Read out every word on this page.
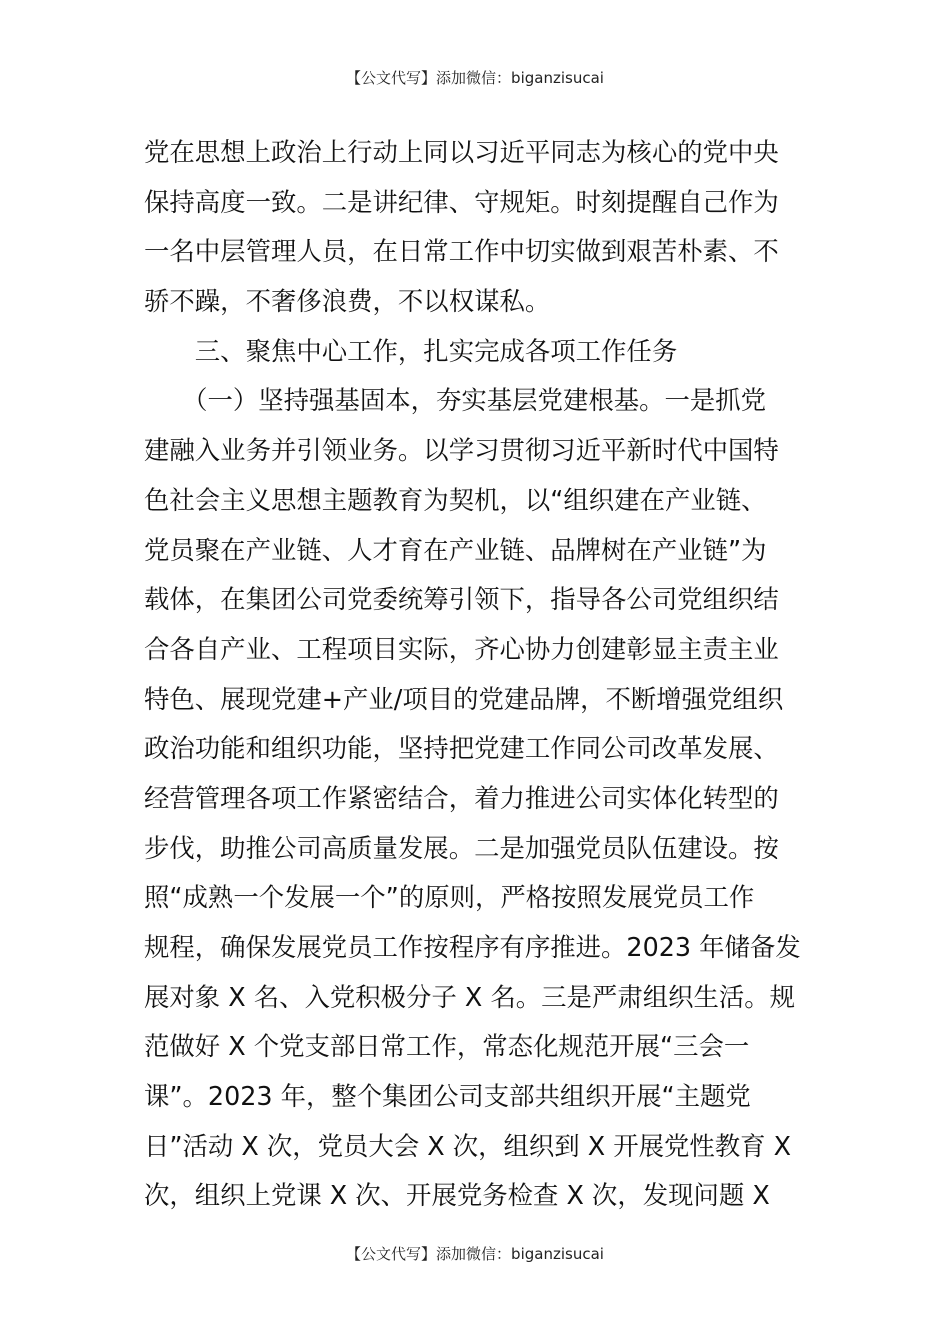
【公文代写】添加微信：biganzisucai
党在思想上政治上行动上同以习近平同志为核心的党中央
保持高度一致。二是讲纪律、守规矩。时刻提醒自己作为
一名中层管理人员，在日常工作中切实做到艰苦朴素、不
骄不躁，不奢侈浪费，不以权谋私。
　　三、聚焦中心工作，扎实完成各项工作任务
　　（一）坚持强基固本，夯实基层党建根基。一是抓党
建融入业务并引领业务。以学习贯彻习近平新时代中国特
色社会主义思想主题教育为契机，以“组织建在产业链、
党员聚在产业链、人才育在产业链、品牌树在产业链”为
载体，在集团公司党委统筹引领下，指导各公司党组织结
合各自产业、工程项目实际，齐心协力创建彰显主责主业
特色、展现党建+产业/项目的党建品牌，不断增强党组织
政治功能和组织功能，坚持把党建工作同公司改革发展、
经营管理各项工作紧密结合，着力推进公司实体化转型的
步伐，助推公司高质量发展。二是加强党员队伍建设。按
照“成熟一个发展一个”的原则，严格按照发展党员工作
规程，确保发展党员工作按程序有序推进。2023 年储备发
展对象 X 名、入党积极分子 X 名。三是严肃组织生活。规
范做好 X 个党支部日常工作，常态化规范开展“三会一
课”。2023 年，整个集团公司支部共组织开展“主题党
日”活动 X 次，党员大会 X 次，组织到 X 开展党性教育 X
次，组织上党课 X 次、开展党务检查 X 次，发现问题 X
【公文代写】添加微信：biganzisucai
